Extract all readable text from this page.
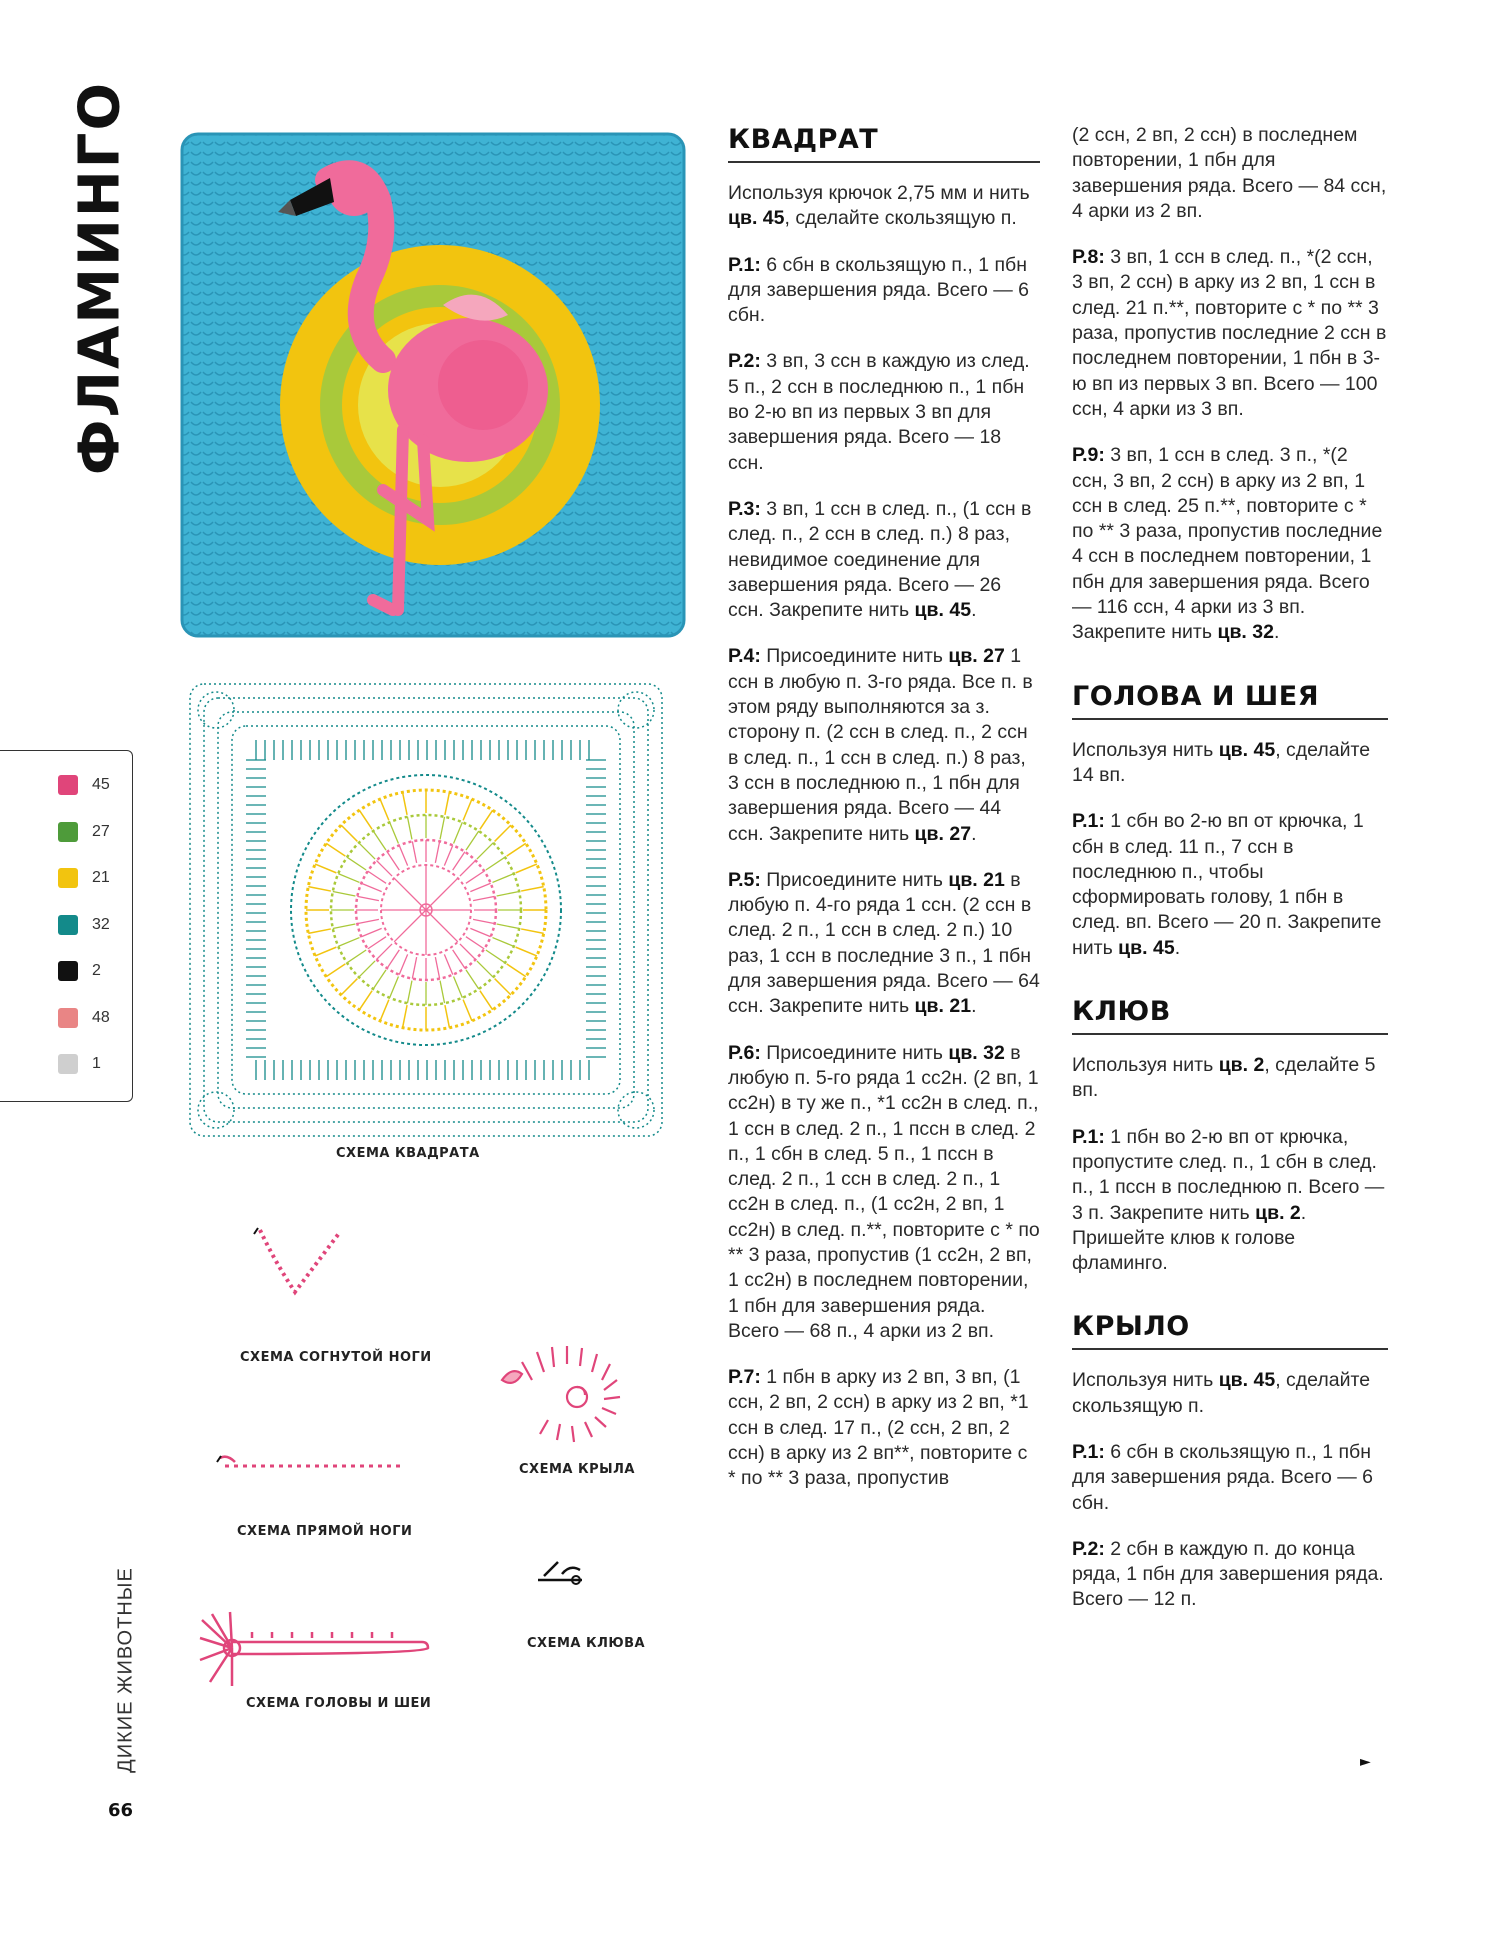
ФЛАМИНГО
СХЕМА КВАДРАТА
45
27
21
32
2
48
1
СХЕМА СОГНУТОЙ НОГИ
СХЕМА КРЫЛА
СХЕМА ПРЯМОЙ НОГИ
СХЕМА КЛЮВА
СХЕМА ГОЛОВЫ И ШЕИ
КВАДРАТ

Используя крючок 2,75 мм и нить цв. 45, сделайте скользящую п.

Р.1: 6 сбн в скользящую п., 1 пбн для завершения ряда. Всего — 6 сбн.

Р.2: 3 вп, 3 ссн в каждую из след. 5 п., 2 ссн в последнюю п., 1 пбн во 2-ю вп из первых 3 вп для завершения ряда. Всего — 18 ссн.

Р.3: 3 вп, 1 ссн в след. п., (1 ссн в след. п., 2 ссн в след. п.) 8 раз, невидимое соединение для завершения ряда. Всего — 26 ссн. Закрепите нить цв. 45.

Р.4: Присоедините нить цв. 27 1 ссн в любую п. 3-го ряда. Все п. в этом ряду выполняются за з. сторону п. (2 ссн в след. п., 2 ссн в след. п., 1 ссн в след. п.) 8 раз, 3 ссн в последнюю п., 1 пбн для завершения ряда. Всего — 44 ссн. Закрепите нить цв. 27.

Р.5: Присоедините нить цв. 21 в любую п. 4-го ряда 1 ссн. (2 ссн в след. 2 п., 1 ссн в след. 2 п.) 10 раз, 1 ссн в последние 3 п., 1 пбн для завершения ряда. Всего — 64 ссн. Закрепите нить цв. 21.

Р.6: Присоедините нить цв. 32 в любую п. 5-го ряда 1 сс2н. (2 вп, 1 сс2н) в ту же п., *1 сс2н в след. п., 1 ссн в след. 2 п., 1 пссн в след. 2 п., 1 сбн в след. 5 п., 1 пссн в след. 2 п., 1 ссн в след. 2 п., 1 сс2н в след. п., (1 сс2н, 2 вп, 1 сс2н) в след. п.**, повторите с * по ** 3 раза, пропустив (1 сс2н, 2 вп, 1 сс2н) в последнем повторении, 1 пбн для завершения ряда. Всего — 68 п., 4 арки из 2 вп.

Р.7: 1 пбн в арку из 2 вп, 3 вп, (1 ссн, 2 вп, 2 ссн) в арку из 2 вп, *1 ссн в след. 17 п., (2 ссн, 2 вп, 2 ссн) в арку из 2 вп**, повторите с * по ** 3 раза, пропустив

(2 ссн, 2 вп, 2 ссн) в последнем повторении, 1 пбн для завершения ряда. Всего — 84 ссн, 4 арки из 2 вп.

Р.8: 3 вп, 1 ссн в след. п., *(2 ссн, 3 вп, 2 ссн) в арку из 2 вп, 1 ссн в след. 21 п.**, повторите с * по ** 3 раза, пропустив последние 2 ссн в последнем повторении, 1 пбн в 3-ю вп из первых 3 вп. Всего — 100 ссн, 4 арки из 3 вп.

Р.9: 3 вп, 1 ссн в след. 3 п., *(2 ссн, 3 вп, 2 ссн) в арку из 2 вп, 1 ссн в след. 25 п.**, повторите с * по ** 3 раза, пропустив последние 4 ссн в последнем повторении, 1 пбн для завершения ряда. Всего — 116 ссн, 4 арки из 3 вп. Закрепите нить цв. 32.

ГОЛОВА И ШЕЯ

Используя нить цв. 45, сделайте 14 вп.

Р.1: 1 сбн во 2-ю вп от крючка, 1 сбн в след. 11 п., 7 ссн в последнюю п., чтобы сформировать голову, 1 пбн в след. вп. Всего — 20 п. Закрепите нить цв. 45.

КЛЮВ

Используя нить цв. 2, сделайте 5 вп.

Р.1: 1 пбн во 2-ю вп от крючка, пропустите след. п., 1 сбн в след. п., 1 пссн в последнюю п. Всего — 3 п. Закрепите нить цв. 2. Пришейте клюв к голове фламинго.

КРЫЛО

Используя нить цв. 45, сделайте скользящую п.

Р.1: 6 сбн в скользящую п., 1 пбн для завершения ряда. Всего — 6 сбн.

Р.2: 2 сбн в каждую п. до конца ряда, 1 пбн для завершения ряда. Всего — 12 п.

►
ДИКИЕ ЖИВОТНЫЕ
66
